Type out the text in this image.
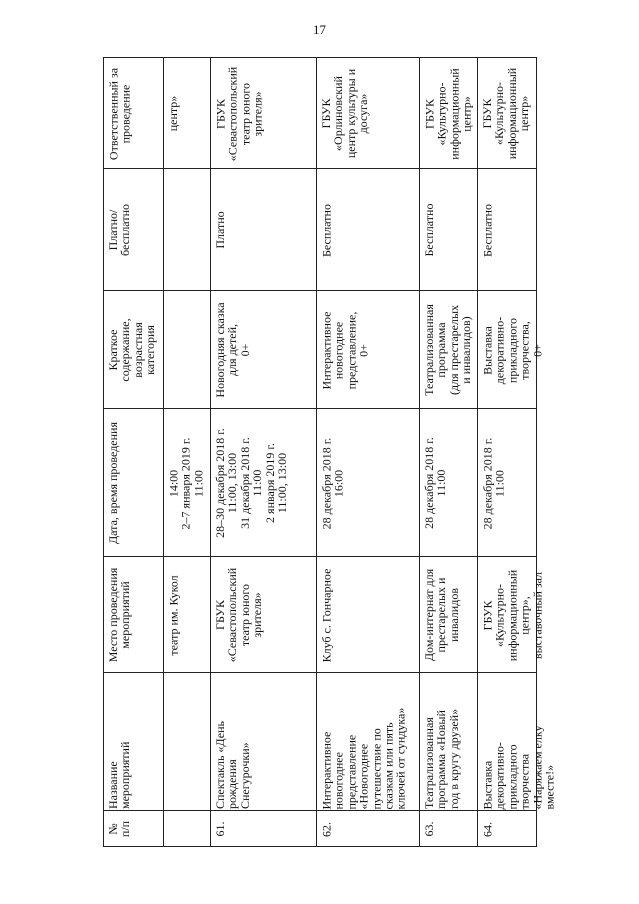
17
Ответственный за
проведение
Платно/
бесплатно
Краткое
содержание,
возрастная
категория
Дата, время проведения
Место проведения
мероприятий
Название
мероприятий
№
п/п
центр»
14:00
2–7 января 2019 г.
11:00
театр им. Кукол
ГБУК
«Севастопольский
театр юного
зрителя»
Платно
Новогодняя сказка
для детей,
0+
28–30 декабря 2018 г.
11:00, 13:00
31 декабря 2018 г.
11:00
2 января 2019 г.
11:00, 13:00
ГБУК
«Севастопольский
театр юного
зрителя»
Спектакль «День
рождения
Снегурочки»
61.
ГБУК
«Орлиновский
центр культуры и
досуга»
Бесплатно
Интерактивное
новогоднее
представление,
0+
28 декабря 2018 г.
16:00
Клуб с. Гончарное
Интерактивное
новогоднее
представление
«Новогоднее
путешествие по
сказкам или пять
ключей от сундука»
62.
ГБУК
«Культурно-
информационный
центр»
Бесплатно
Театрализованная
программа
(для престарелых
и инвалидов)
28 декабря 2018 г.
11:00
Дом-интернат для
престарелых и
инвалидов
Театрализованная
программа «Новый
год в кругу друзей»
63.
ГБУК
«Культурно-
информационный
центр»
Бесплатно
Выставка
декоративно-
прикладного
творчества,
0+
28 декабря 2018 г.
11:00
ГБУК
«Культурно-
информационный
центр»,
выставочный зал
Выставка
декоративно-
прикладного
творчества
«Наряжаем елку
вместе!»
64.
